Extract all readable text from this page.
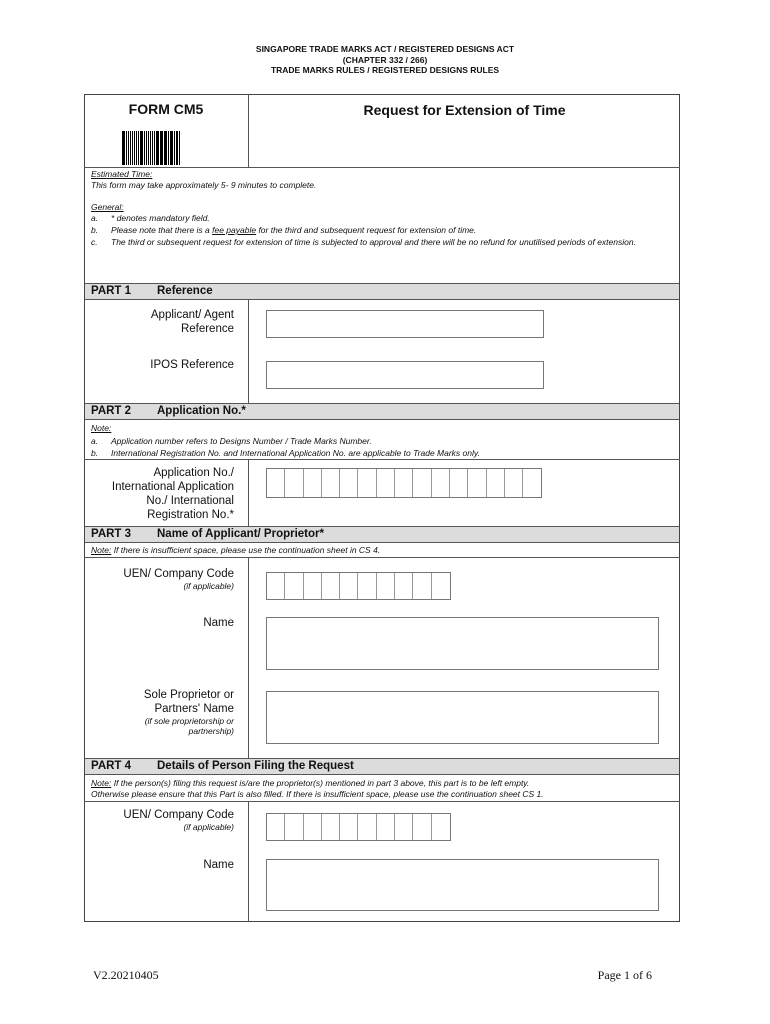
SINGAPORE TRADE MARKS ACT / REGISTERED DESIGNS ACT
(CHAPTER 332 / 266)
TRADE MARKS RULES / REGISTERED DESIGNS RULES
FORM CM5	Request for Extension of Time
Estimated Time:
This form may take approximately 5- 9 minutes to complete.
General:
a. * denotes mandatory field.
b. Please note that there is a fee payable for the third and subsequent request for extension of time.
c. The third or subsequent request for extension of time is subjected to approval and there will be no refund for unutilised periods of extension.
PART 1 Reference
Applicant/ Agent
Reference
IPOS Reference
PART 2 Application No.*
Note:
a. Application number refers to Designs Number / Trade Marks Number.
b. International Registration No. and International Application No. are applicable to Trade Marks only.
Application No./
International Application
No./ International
Registration No.*
PART 3 Name of Applicant/ Proprietor*
Note: If there is insufficient space, please use the continuation sheet in CS 4.
UEN/ Company Code
(if applicable)
Name
Sole Proprietor or
Partners' Name
(if sole proprietorship or
partnership)
PART 4 Details of Person Filing the Request
Note: If the person(s) filing this request is/are the proprietor(s) mentioned in part 3 above, this part is to be left empty.
Otherwise please ensure that this Part is also filled. If there is insufficient space, please use the continuation sheet CS 1.
UEN/ Company Code
(if applicable)
Name
V2.20210405	Page 1 of 6
